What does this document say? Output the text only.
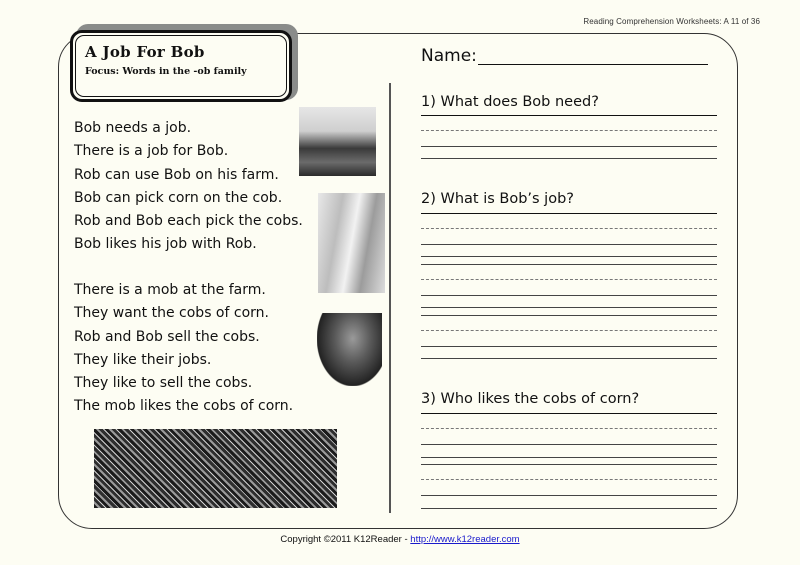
Reading Comprehension Worksheets: A 11 of 36
A Job For Bob
Focus: Words in the -ob family

Bob needs a job.

There is a job for Bob.

Rob can use Bob on his farm.

Bob can pick corn on the cob.

Rob and Bob each pick the cobs.

Bob likes his job with Rob.

There is a mob at the farm.

They want the cobs of corn.

Rob and Bob sell the cobs.

They like their jobs.

They like to sell the cobs.

The mob likes the cobs of corn.

Name:
1) What does Bob need?
2) What is Bob’s job?
3) Who likes the cobs of corn?
Copyright ©2011 K12Reader - http://www.k12reader.com
